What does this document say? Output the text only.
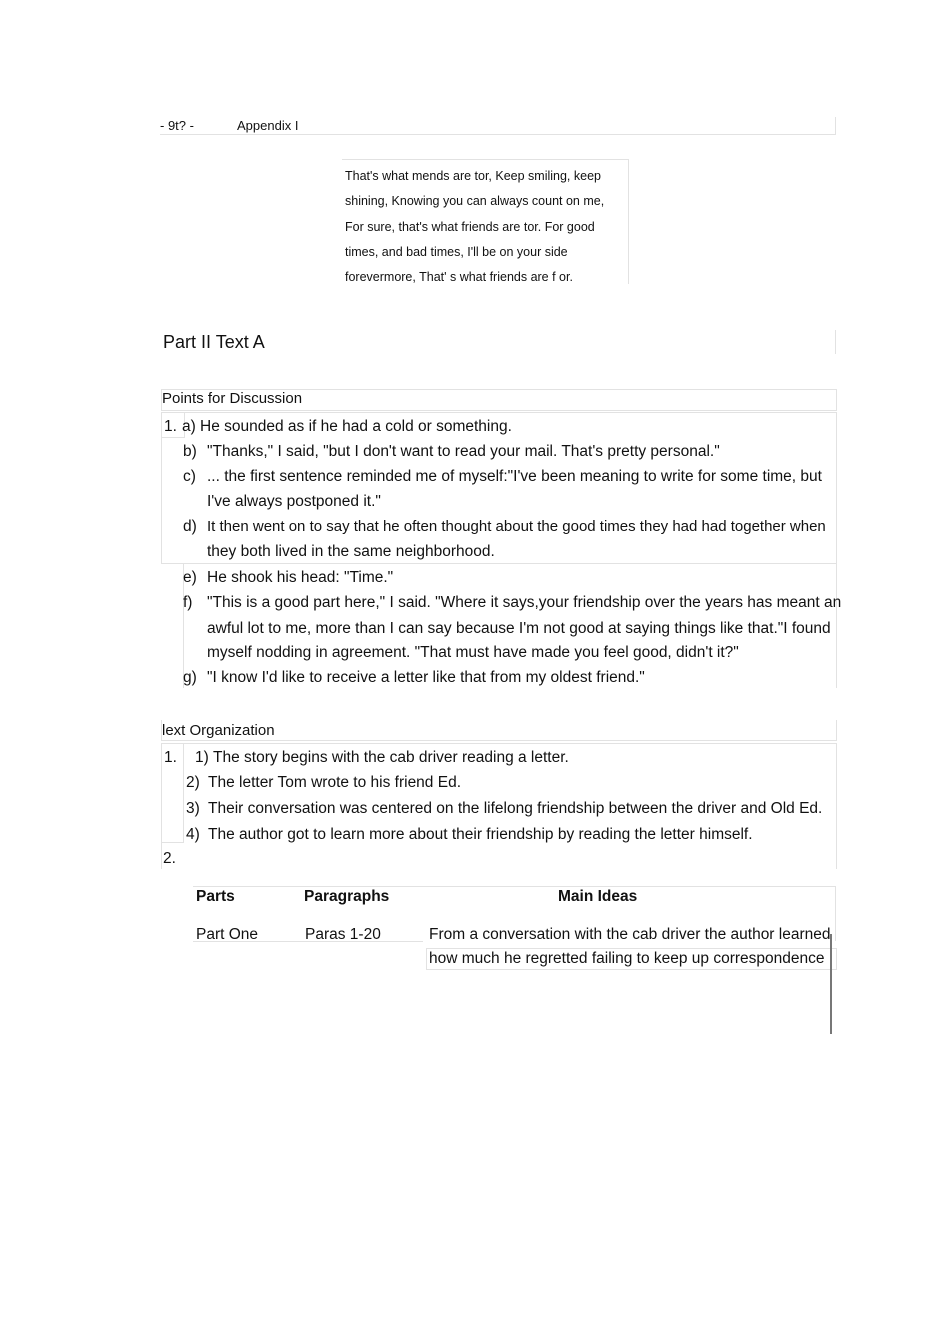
- 9t? -	Appendix I
That's what mends are tor, Keep smiling, keep
shining, Knowing you can always count on me,
For sure, that's what friends are tor. For good
times, and bad times, I'll be on your side
forevermore, That' s what friends are f or.
Part II Text A
Points for Discussion
1. a) He sounded as if he had a cold or something.
b) "Thanks," I said, "but I don't want to read your mail. That's pretty personal."
c) ... the first sentence reminded me of myself:"I've been meaning to write for some time, but
I've always postponed it."
d) It then went on to say that he often thought about the good times they had had together when
they both lived in the same neighborhood.
e) He shook his head: "Time."
f) "This is a good part here," I said. "Where it says,your friendship over the years has meant an
awful lot to me, more than I can say because I'm not good at saying things like that."I found
myself nodding in agreement. "That must have made you feel good, didn't it?"
g) "I know I'd like to receive a letter like that from my oldest friend."
lext Organization
1. 1) The story begins with the cab driver reading a letter.
2) The letter Tom wrote to his friend Ed.
3) Their conversation was centered on the lifelong friendship between the driver and Old Ed.
4) The author got to learn more about their friendship by reading the letter himself.
2.
Parts	Paragraphs	Main Ideas
Part One	Paras 1-20	From a conversation with the cab driver the author learned
how much he regretted failing to keep up correspondence
